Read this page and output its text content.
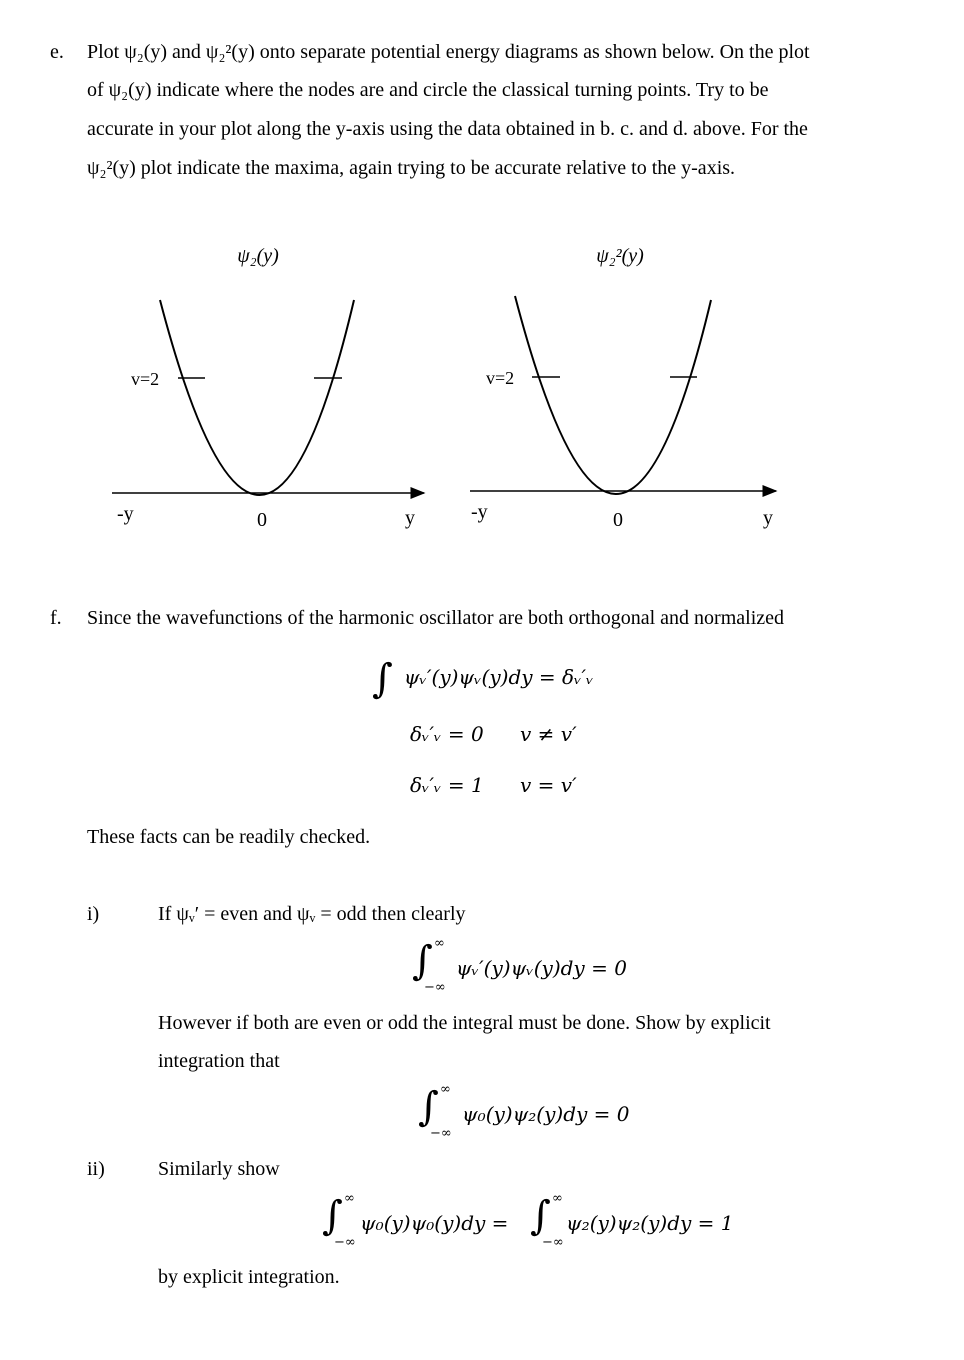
e. Plot ψ₂(y) and ψ₂²(y) onto separate potential energy diagrams as shown below. On the plot
of ψ₂(y) indicate where the nodes are and circle the classical turning points. Try to be
accurate in your plot along the y-axis using the data obtained in b. c. and d. above. For the
ψ₂²(y) plot indicate the maxima, again trying to be accurate relative to the y-axis.
ψ₂(y)
v=2
-y	0	y
ψ₂²(y)
v=2
-y	0	y
f. Since the wavefunctions of the harmonic oscillator are both orthogonal and normalized
∫ ψᵥ′(y)ψᵥ(y)dy = δᵥ′ᵥ
δᵥ′ᵥ = 0 v ≠ v′
δᵥ′ᵥ = 1 v = v′
These facts can be readily checked.
i)	If ψᵥ′ = even and ψᵥ = odd then clearly
∫ ∞
−∞
ψᵥ′(y)ψᵥ(y)dy = 0
However if both are even or odd the integral must be done. Show by explicit
integration that
∫ ∞
−∞
ψ₀(y)ψ₂(y)dy = 0
ii)	Similarly show
∫ ∞
−∞
ψ₀(y)ψ₀(y)dy = ∫ ∞
−∞
ψ₂(y)ψ₂(y)dy = 1
by explicit integration.
